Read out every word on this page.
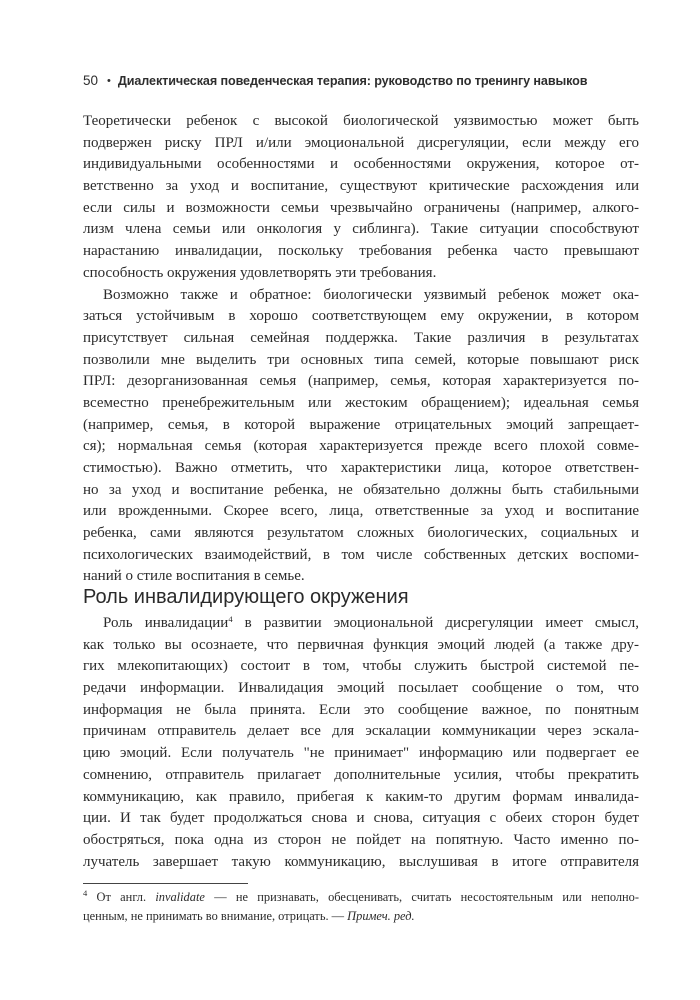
50 • Диалектическая поведенческая терапия: руководство по тренингу навыков
Теоретически ребенок с высокой биологической уязвимостью может быть
подвержен риску ПРЛ и/или эмоциональной дисрегуляции, если между его
индивидуальными особенностями и особенностями окружения, которое от-
ветственно за уход и воспитание, существуют критические расхождения или
если силы и возможности семьи чрезвычайно ограничены (например, алкого-
лизм члена семьи или онкология у сиблинга). Такие ситуации способствуют
нарастанию инвалидации, поскольку требования ребенка часто превышают
способность окружения удовлетворять эти требования.
Возможно также и обратное: биологически уязвимый ребенок может ока-
заться устойчивым в хорошо соответствующем ему окружении, в котором
присутствует сильная семейная поддержка. Такие различия в результатах
позволили мне выделить три основных типа семей, которые повышают риск
ПРЛ: дезорганизованная семья (например, семья, которая характеризуется по-
всеместно пренебрежительным или жестоким обращением); идеальная семья
(например, семья, в которой выражение отрицательных эмоций запрещает-
ся); нормальная семья (которая характеризуется прежде всего плохой совме-
стимостью). Важно отметить, что характеристики лица, которое ответствен-
но за уход и воспитание ребенка, не обязательно должны быть стабильными
или врожденными. Скорее всего, лица, ответственные за уход и воспитание
ребенка, сами являются результатом сложных биологических, социальных и
психологических взаимодействий, в том числе собственных детских воспоми-
наний о стиле воспитания в семье.
Роль инвалидирующего окружения
Роль инвалидации$^4$ в развитии эмоциональной дисрегуляции имеет смысл,
как только вы осознаете, что первичная функция эмоций людей (а также дру-
гих млекопитающих) состоит в том, чтобы служить быстрой системой пе-
редачи информации. Инвалидация эмоций посылает сообщение о том, что
информация не была принята. Если это сообщение важное, по понятным
причинам отправитель делает все для эскалации коммуникации через эскала-
цию эмоций. Если получатель "не принимает" информацию или подвергает ее
сомнению, отправитель прилагает дополнительные усилия, чтобы прекратить
коммуникацию, как правило, прибегая к каким-то другим формам инвалида-
ции. И так будет продолжаться снова и снова, ситуация с обеих сторон будет
обостряться, пока одна из сторон не пойдет на попятную. Часто именно по-
лучатель завершает такую коммуникацию, выслушивая в итоге отправителя
$^4$ От англ. invalidate — не признавать, обесценивать, считать несостоятельным или неполно-
ценным, не принимать во внимание, отрицать. — Примеч. ред.
